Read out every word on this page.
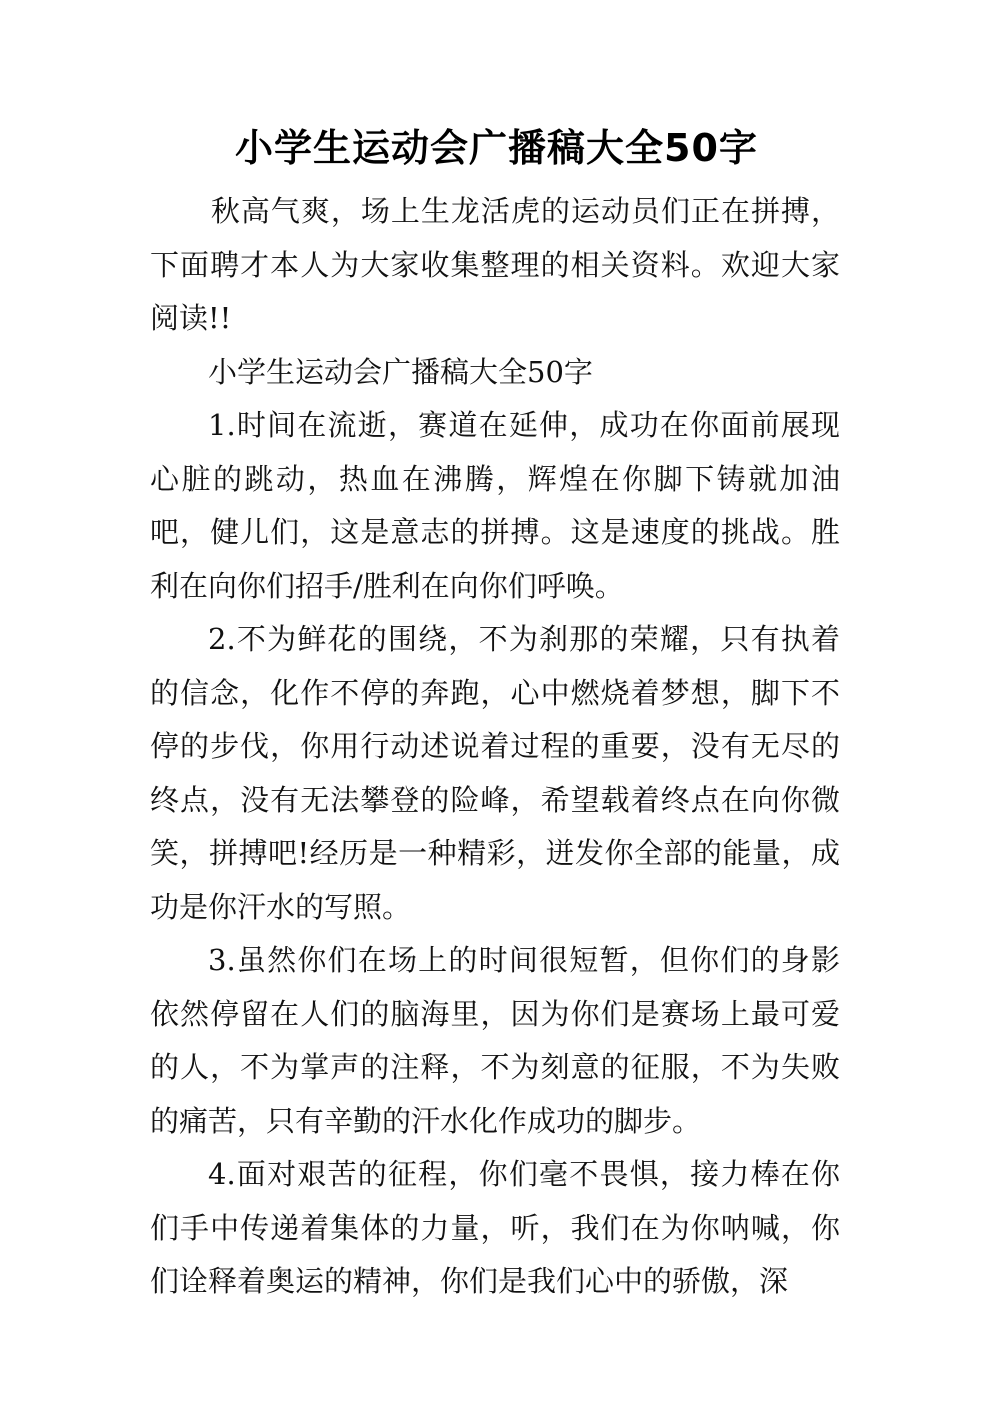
小学生运动会广播稿大全50字

秋高气爽，场上生龙活虎的运动员们正在拼搏，下面聘才本人为大家收集整理的相关资料。欢迎大家阅读!!

小学生运动会广播稿大全50字

1.时间在流逝，赛道在延伸，成功在你面前展现心脏的跳动，热血在沸腾，辉煌在你脚下铸就加油吧，健儿们，这是意志的拼搏。这是速度的挑战。胜利在向你们招手/胜利在向你们呼唤。

2.不为鲜花的围绕，不为刹那的荣耀，只有执着的信念，化作不停的奔跑，心中燃烧着梦想，脚下不停的步伐，你用行动述说着过程的重要，没有无尽的终点，没有无法攀登的险峰，希望载着终点在向你微笑，拼搏吧!经历是一种精彩，迸发你全部的能量，成功是你汗水的写照。

3.虽然你们在场上的时间很短暂，但你们的身影依然停留在人们的脑海里，因为你们是赛场上最可爱的人，不为掌声的注释，不为刻意的征服，不为失败的痛苦，只有辛勤的汗水化作成功的脚步。

4.面对艰苦的征程，你们毫不畏惧，接力棒在你们手中传递着集体的力量，听，我们在为你呐喊，你们诠释着奥运的精神，你们是我们心中的骄傲，深
